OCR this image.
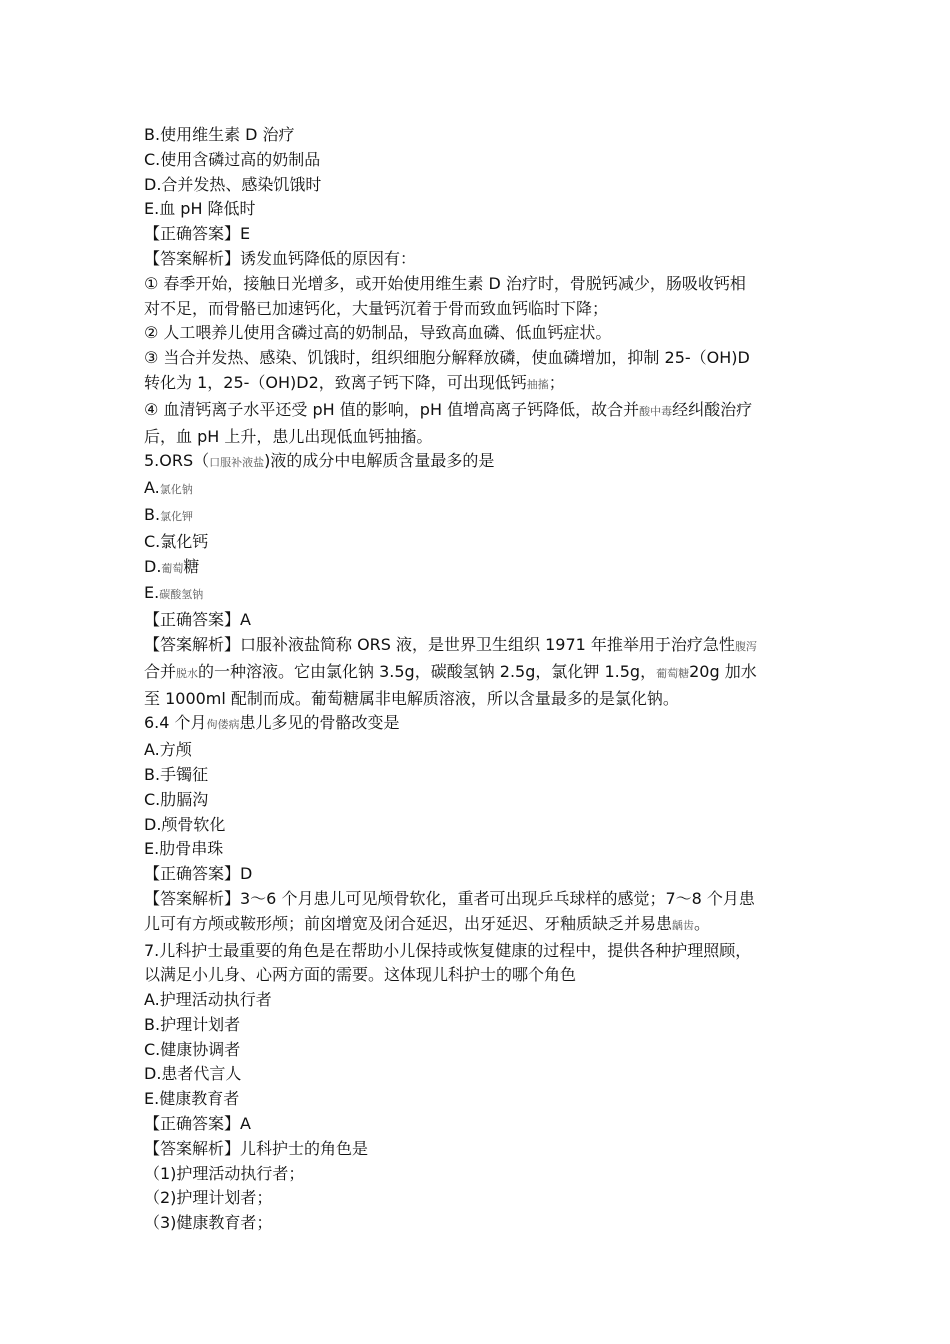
B.使用维生素 D 治疗
C.使用含磷过高的奶制品
D.合并发热、感染饥饿时
E.血 pH 降低时
【正确答案】E
【答案解析】诱发血钙降低的原因有：
① 春季开始，接触日光增多，或开始使用维生素 D 治疗时，骨脱钙减少，肠吸收钙相
对不足，而骨骼已加速钙化，大量钙沉着于骨而致血钙临时下降；
② 人工喂养儿使用含磷过高的奶制品，导致高血磷、低血钙症状。
③ 当合并发热、感染、饥饿时，组织细胞分解释放磷，使血磷增加，抑制 25-（OH)D
转化为 1，25-（OH)D2，致离子钙下降，可出现低钙抽搐；
④ 血清钙离子水平还受 pH 值的影响，pH 值增高离子钙降低，故合并酸中毒经纠酸治疗
后，血 pH 上升，患儿出现低血钙抽搐。
5.ORS（口服补液盐)液的成分中电解质含量最多的是
A.氯化钠
B.氯化钾
C.氯化钙
D.葡萄糖
E.碳酸氢钠
【正确答案】A
【答案解析】口服补液盐简称 ORS 液，是世界卫生组织 1971 年推举用于治疗急性腹泻
合并脱水的一种溶液。它由氯化钠 3.5g，碳酸氢钠 2.5g，氯化钾 1.5g，葡萄糖20g 加水
至 1000ml 配制而成。葡萄糖属非电解质溶液，所以含量最多的是氯化钠。
6.4 个月佝偻病患儿多见的骨骼改变是
A.方颅
B.手镯征
C.肋膈沟
D.颅骨软化
E.肋骨串珠
【正确答案】D
【答案解析】3～6 个月患儿可见颅骨软化，重者可出现乒乓球样的感觉；7～8 个月患
儿可有方颅或鞍形颅；前囟增宽及闭合延迟，出牙延迟、牙釉质缺乏并易患龋齿。
7.儿科护士最重要的角色是在帮助小儿保持或恢复健康的过程中，提供各种护理照顾，
以满足小儿身、心两方面的需要。这体现儿科护士的哪个角色
A.护理活动执行者
B.护理计划者
C.健康协调者
D.患者代言人
E.健康教育者
【正确答案】A
【答案解析】儿科护士的角色是
（1)护理活动执行者；
（2)护理计划者；
（3)健康教育者；
